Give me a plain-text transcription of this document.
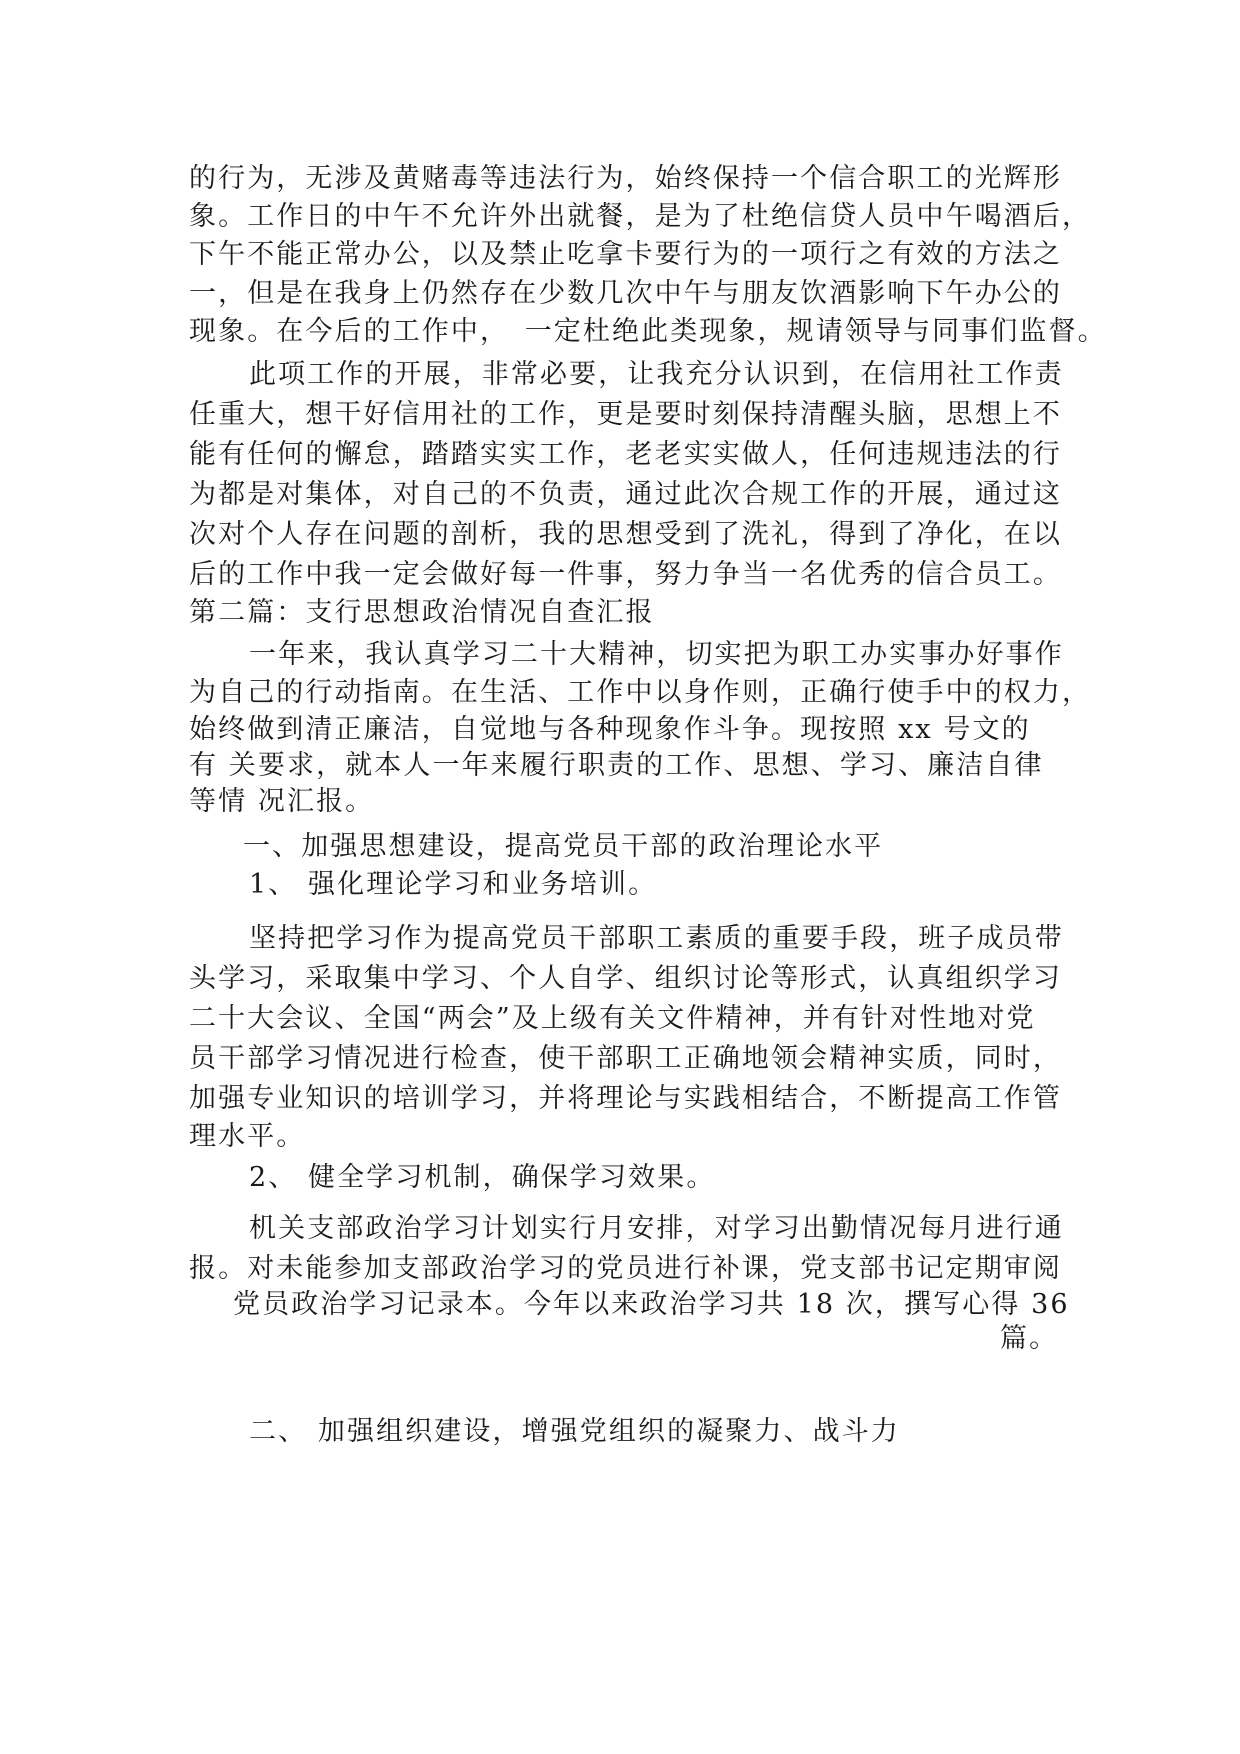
的行为，无涉及黄赌毒等违法行为，始终保持一个信合职工的光辉形
象。工作日的中午不允许外出就餐，是为了杜绝信贷人员中午喝酒后，
下午不能正常办公，以及禁止吃拿卡要行为的一项行之有效的方法之
一，但是在我身上仍然存在少数几次中午与朋友饮酒影响下午办公的
现象。在今后的工作中，　一定杜绝此类现象，规请领导与同事们监督。
此项工作的开展，非常必要，让我充分认识到，在信用社工作责
任重大，想干好信用社的工作，更是要时刻保持清醒头脑，思想上不
能有任何的懈怠，踏踏实实工作，老老实实做人，任何违规违法的行
为都是对集体，对自己的不负责，通过此次合规工作的开展，通过这
次对个人存在问题的剖析，我的思想受到了洗礼，得到了净化，在以
后的工作中我一定会做好每一件事，努力争当一名优秀的信合员工。
第二篇：支行思想政治情况自查汇报
一年来，我认真学习二十大精神，切实把为职工办实事办好事作
为自己的行动指南。在生活、工作中以身作则，正确行使手中的权力，
始终做到清正廉洁，自觉地与各种现象作斗争。现按照 xx 号文的
有 关要求，就本人一年来履行职责的工作、思想、学习、廉洁自律
等情 况汇报。
一、加强思想建设，提高党员干部的政治理论水平
1、 强化理论学习和业务培训。
坚持把学习作为提高党员干部职工素质的重要手段，班子成员带
头学习，采取集中学习、个人自学、组织讨论等形式，认真组织学习
二十大会议、全国“两会”及上级有关文件精神，并有针对性地对党
员干部学习情况进行检查，使干部职工正确地领会精神实质，同时，
加强专业知识的培训学习，并将理论与实践相结合，不断提高工作管
理水平。
2、 健全学习机制，确保学习效果。
机关支部政治学习计划实行月安排，对学习出勤情况每月进行通
报。对未能参加支部政治学习的党员进行补课，党支部书记定期审阅
党员政治学习记录本。今年以来政治学习共 18 次，撰写心得 36
篇。
二、 加强组织建设，增强党组织的凝聚力、战斗力
